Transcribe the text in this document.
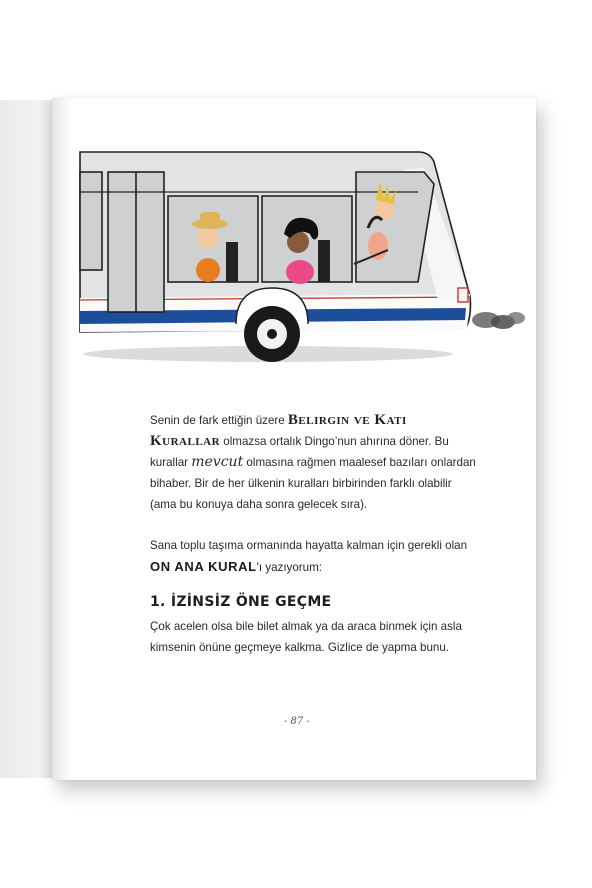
Senin de fark ettiğin üzere Belirgin ve Katı Kurallar olmazsa ortalık Dingo’nun ahırına döner. Bu kurallar mevcut olmasına rağmen maalesef bazıları onlardan bihaber. Bir de her ülkenin kuralları birbirinden farklı olabilir (ama bu konuya daha sonra gelecek sıra).
Sana toplu taşıma ormanında hayatta kalman için gerekli olan ON ANA KURAL'ı yazıyorum:
1. İZİNSİZ ÖNE GEÇME
Çok acelen olsa bile bilet almak ya da araca binmek için asla kimsenin önüne geçmeye kalkma. Gizlice de yapma bunu.
- 87 -
